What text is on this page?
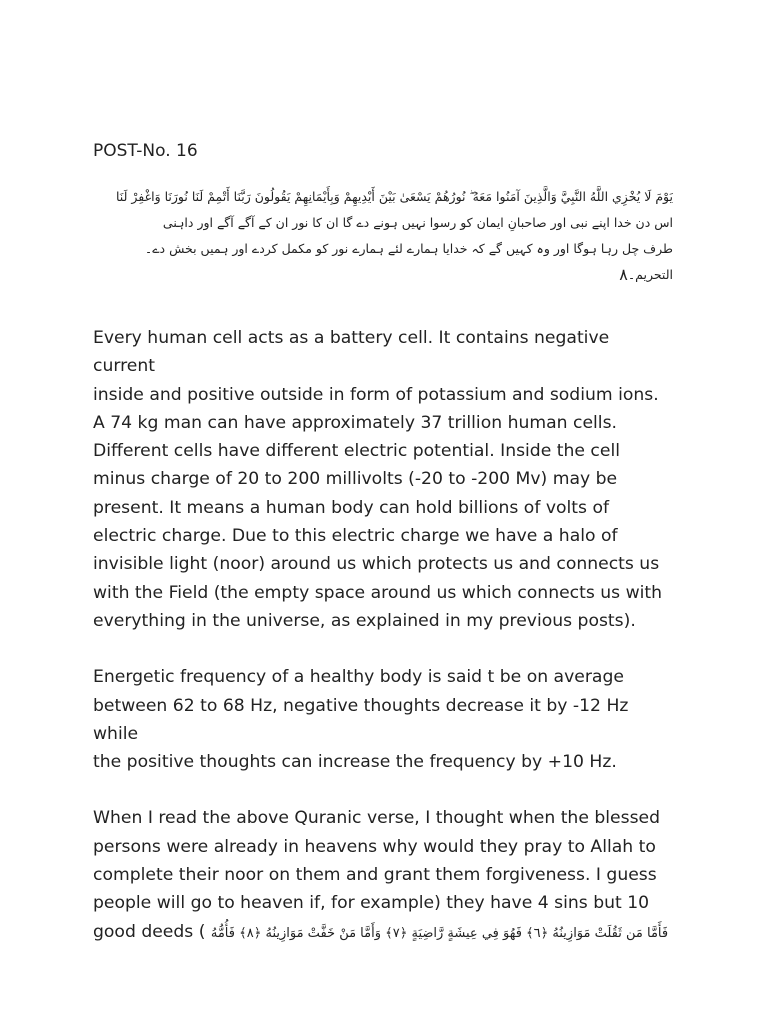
POST-No. 16
يَوْمَ لَا يُخْزِي اللَّهُ النَّبِيَّ وَالَّذِينَ آمَنُوا مَعَهُ ۖ نُورُهُمْ يَسْعَىٰ بَيْنَ أَيْدِيهِمْ وَبِأَيْمَانِهِمْ يَقُولُونَ رَبَّنَا أَتْمِمْ لَنَا نُورَنَا وَاغْفِرْ لَنَا
اس دن خدا اپنے نبی اور صاحبانِ ایمان کو رسوا نہیں ہونے دے گا ان کا نور ان کے آگے آگے اور داہنی
طرف چل رہا ہوگا اور وہ کہیں گے کہ خدایا ہمارے لئے ہمارے نور کو مکمل کردے اور ہمیں بخش دے۔
٨ التحریم۔

Every human cell acts as a battery cell. It contains negative current
inside and positive outside in form of potassium and sodium ions.
A 74 kg man can have approximately 37 trillion human cells.
Different cells have different electric potential. Inside the cell
minus charge of 20 to 200 millivolts (-20 to -200 Mv) may be
present. It means a human body can hold billions of volts of
electric charge. Due to this electric charge we have a halo of
invisible light (noor) around us which protects us and connects us
with the Field (the empty space around us which connects us with
everything in the universe, as explained in my previous posts).

Energetic frequency of a healthy body is said t be on average
between 62 to 68 Hz, negative thoughts decrease it by -12 Hz while
the positive thoughts can increase the frequency by +10 Hz.

When I read the above Quranic verse, I thought when the blessed
persons were already in heavens why would they pray to Allah to
complete their noor on them and grant them forgiveness. I guess
people will go to heaven if, for example) they have 4 sins but 10

good deeds ( فَأَمَّا مَن ثَقُلَتْ مَوَازِينُهُ ﴿٦﴾ فَهُوَ فِي عِيشَةٍ رَّاضِيَةٍ ﴿٧﴾ وَأَمَّا مَنْ خَفَّتْ مَوَازِينُهُ ﴿٨﴾ فَأُمُّهُ
